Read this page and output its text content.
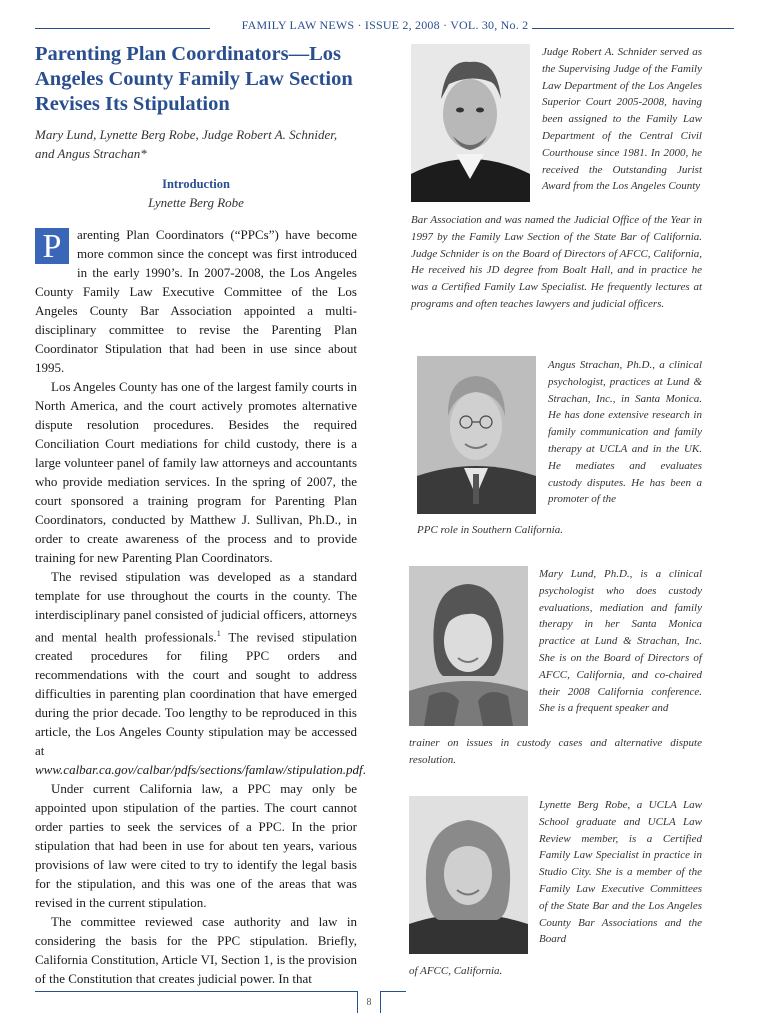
FAMILY LAW NEWS · ISSUE 2, 2008 · VOL. 30, No. 2
Parenting Plan Coordinators—Los Angeles County Family Law Section Revises Its Stipulation

Mary Lund, Lynette Berg Robe, Judge Robert A. Schnider, and Angus Strachan*

Introduction
Lynette Berg Robe

P	arenting Plan Coordinators (“PPCs”) have become more common since the concept was first introduced in the early 1990’s. In 2007-2008, the Los Angeles County Family Law Executive Committee of the Los Angeles County Bar Association appointed a multi-disciplinary committee to revise the Parenting Plan Coordinator Stipulation that had been in use since about 1995.

Los Angeles County has one of the largest family courts in North America, and the court actively promotes alternative dispute resolution procedures. Besides the required Conciliation Court mediations for child custody, there is a large volunteer panel of family law attorneys and accountants who provide mediation services. In the spring of 2007, the court sponsored a training program for Parenting Plan Coordinators, conducted by Matthew J. Sullivan, Ph.D., in order to create awareness of the process and to provide training for new Parenting Plan Coordinators.

The revised stipulation was developed as a standard template for use throughout the courts in the county. The interdisciplinary panel consisted of judicial officers, attorneys and mental health professionals.$^1$ The revised stipulation created procedures for filing PPC orders and recommendations with the court and sought to address difficulties in parenting plan coordination that have emerged during the prior decade. Too lengthy to be reproduced in this article, the Los Angeles County stipulation may be accessed at www.calbar.ca.gov/calbar/pdfs/sections/famlaw/stipulation.pdf.

Under current California law, a PPC may only be appointed upon stipulation of the parties. The court cannot order parties to seek the services of a PPC. In the prior stipulation that had been in use for about ten years, various provisions of law were cited to try to identify the legal basis for the stipulation, and this was one of the areas that was revised in the current stipulation.

The committee reviewed case authority and law in considering the basis for the PPC stipulation. Briefly, California Constitution, Article VI, Section 1, is the provision of the Constitution that creates judicial power. In that

Judge Robert A. Schnider served as the Supervising Judge of the Family Law Department of the Los Angeles Superior Court 2005-2008, having been assigned to the Family Law Department of the Central Civil Courthouse since 1981. In 2000, he received the Outstanding Jurist Award from the Los Angeles County
Bar Association and was named the Judicial Office of the Year in 1997 by the Family Law Section of the State Bar of California. Judge Schnider is on the Board of Directors of AFCC, California, He received his JD degree from Boalt Hall, and in practice he was a Certified Family Law Specialist. He frequently lectures at programs and often teaches lawyers and judicial officers.
Angus Strachan, Ph.D., a clinical psychologist, practices at Lund & Strachan, Inc., in Santa Monica. He has done extensive research in family communication and family therapy at UCLA and in the UK. He mediates and evaluates custody disputes. He has been a promoter of the
PPC role in Southern California.
Mary Lund, Ph.D., is a clinical psychologist who does custody evaluations, mediation and family therapy in her Santa Monica practice at Lund & Strachan, Inc. She is on the Board of Directors of AFCC, California, and co-chaired their 2008 California conference. She is a frequent speaker and
trainer on issues in custody cases and alternative dispute resolution.
Lynette Berg Robe, a UCLA Law School graduate and UCLA Law Review member, is a Certified Family Law Specialist in practice in Studio City. She is a member of the Family Law Executive Committees of the State Bar and the Los Angeles County Bar Associations and the Board
of AFCC, California.
8
